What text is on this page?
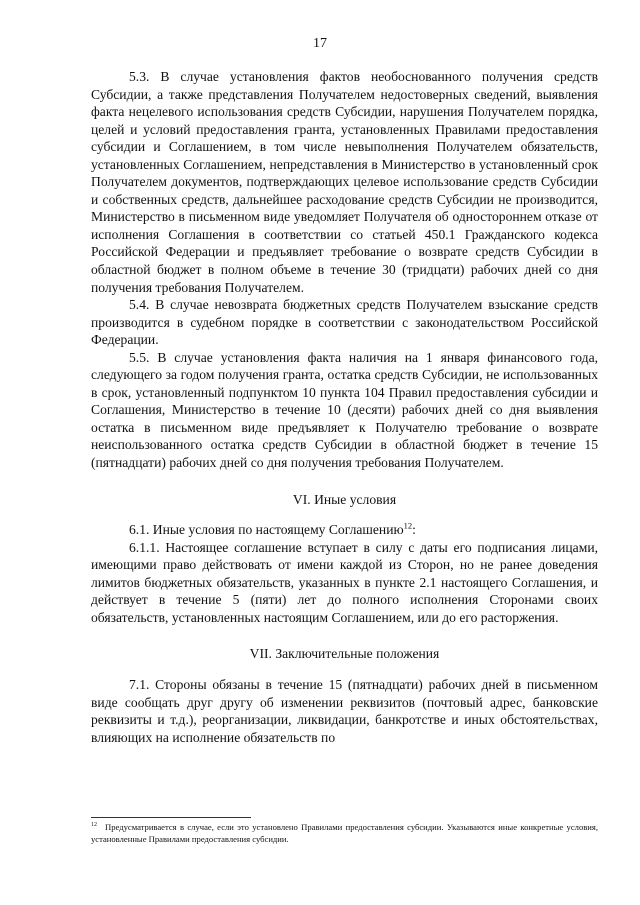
17

5.3. В случае установления фактов необоснованного получения средств Субсидии, а также представления Получателем недостоверных сведений, выявления факта нецелевого использования средств Субсидии, нарушения Получателем порядка, целей и условий предоставления гранта, установленных Правилами предоставления субсидии и Соглашением, в том числе невыполнения Получателем обязательств, установленных Соглашением, непредставления в Министерство в установленный срок Получателем документов, подтверждающих целевое использование средств Субсидии и собственных средств, дальнейшее расходование средств Субсидии не производится, Министерство в письменном виде уведомляет Получателя об одностороннем отказе от исполнения Соглашения в соответствии со статьей 450.1 Гражданского кодекса Российской Федерации и предъявляет требование о возврате средств Субсидии в областной бюджет в полном объеме в течение 30 (тридцати) рабочих дней со дня получения требования Получателем.

5.4. В случае невозврата бюджетных средств Получателем взыскание средств производится в судебном порядке в соответствии с законодательством Российской Федерации.

5.5. В случае установления факта наличия на 1 января финансового года, следующего за годом получения гранта, остатка средств Субсидии, не использованных в срок, установленный подпунктом 10 пункта 104 Правил предоставления субсидии и Соглашения, Министерство в течение 10 (десяти) рабочих дней со дня выявления остатка в письменном виде предъявляет к Получателю требование о возврате неиспользованного остатка средств Субсидии в областной бюджет в течение 15 (пятнадцати) рабочих дней со дня получения требования Получателем.

VI. Иные условия

6.1. Иные условия по настоящему Соглашению$^{12}$:

6.1.1. Настоящее соглашение вступает в силу с даты его подписания лицами, имеющими право действовать от имени каждой из Сторон, но не ранее доведения лимитов бюджетных обязательств, указанных в пункте 2.1 настоящего Соглашения, и действует в течение 5 (пяти) лет до полного исполнения Сторонами своих обязательств, установленных настоящим Соглашением, или до его расторжения.

VII. Заключительные положения

7.1. Стороны обязаны в течение 15 (пятнадцати) рабочих дней в письменном виде сообщать друг другу об изменении реквизитов (почтовый адрес, банковские реквизиты и т.д.), реорганизации, ликвидации, банкротстве и иных обстоятельствах, влияющих на исполнение обязательств по

$^{12}$ Предусматривается в случае, если это установлено Правилами предоставления субсидии. Указываются иные конкретные условия, установленные Правилами предоставления субсидии.
